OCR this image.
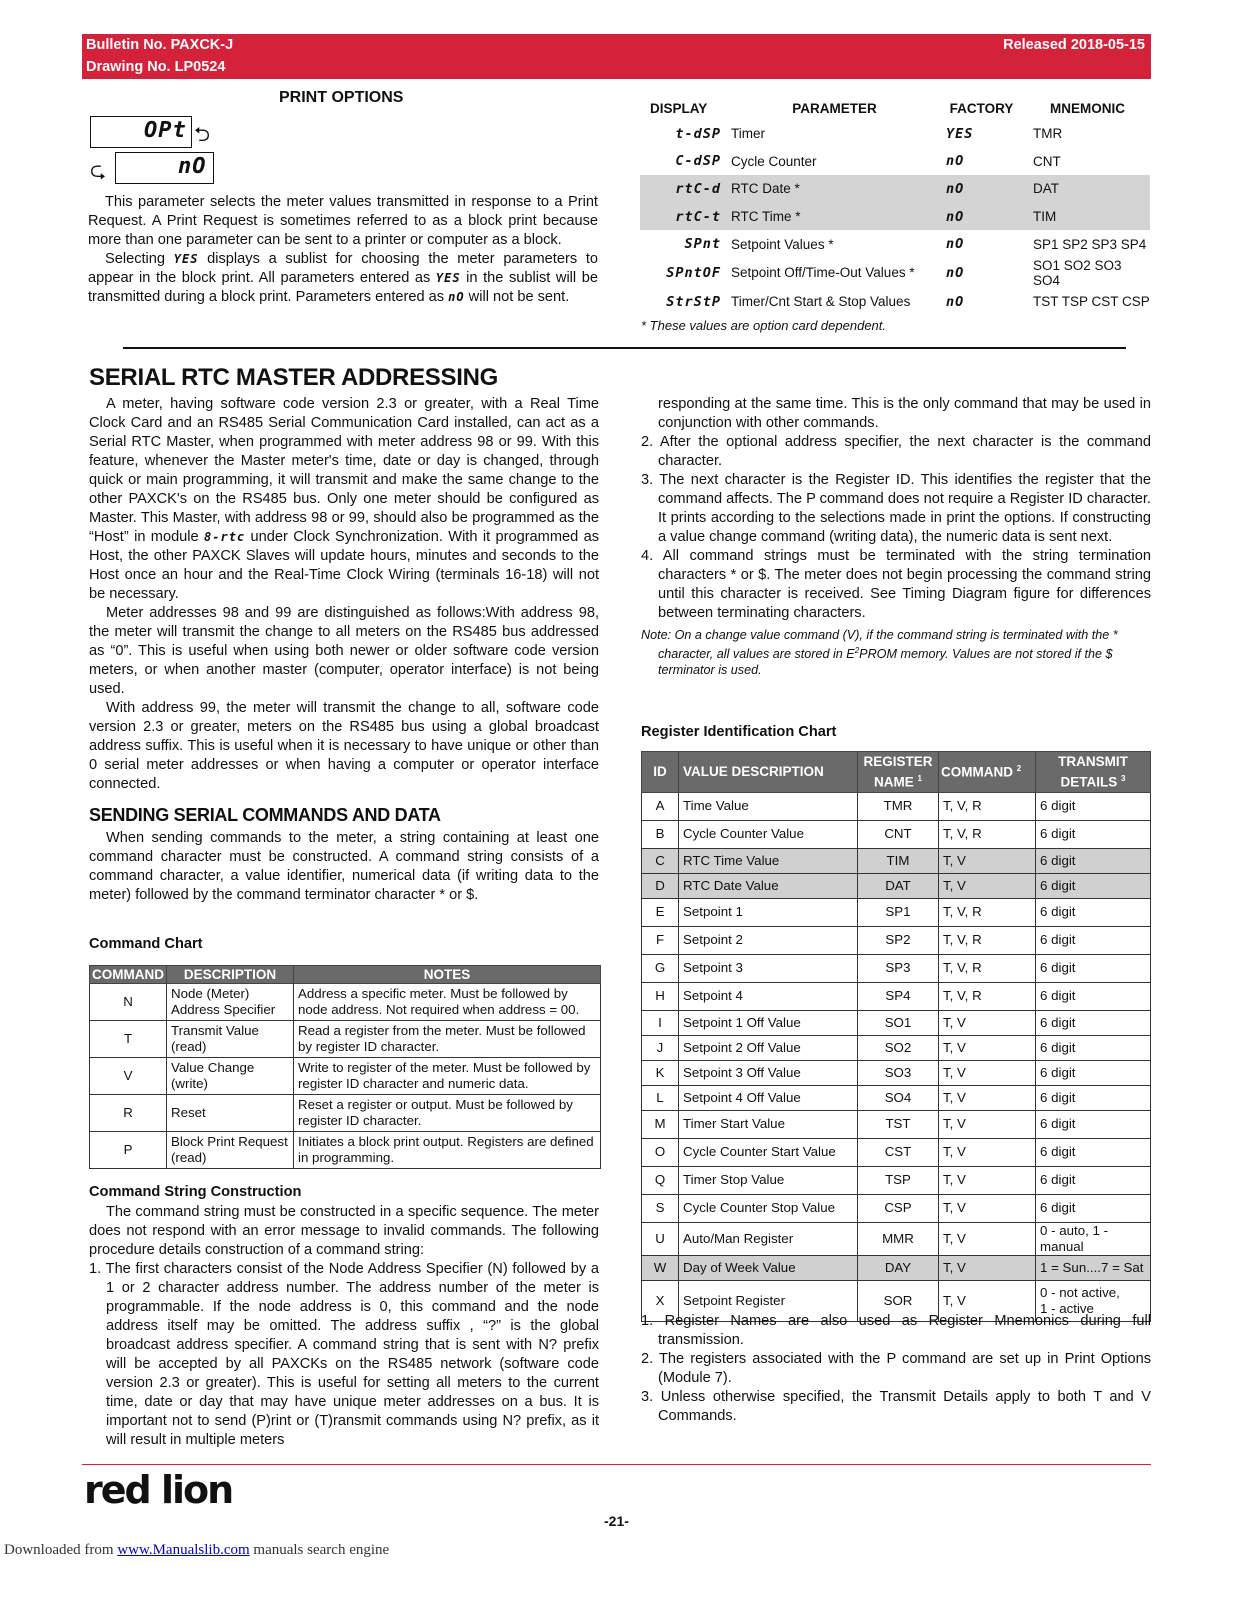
Bulletin No. PAXCK-J
Drawing No. LP0524
Released 2018-05-15
PRINT OPTIONS
OPt ⮌
⮎	nO

This parameter selects the meter values transmitted in response to a Print Request. A Print Request is sometimes referred to as a block print because more than one parameter can be sent to a printer or computer as a block.

Selecting YES displays a sublist for choosing the meter parameters to appear in the block print. All parameters entered as YES in the sublist will be transmitted during a block print. Parameters entered as nO will not be sent.

DISPLAY	PARAMETER	FACTORY	MNEMONIC
t-dSP	Timer	YES	TMR
C-dSP	Cycle Counter	nO	CNT
rtC-d	RTC Date *	nO	DAT
rtC-t	RTC Time *	nO	TIM
SPnt	Setpoint Values *	nO	SP1 SP2 SP3 SP4
SPntOF	Setpoint Off/Time-Out Values *	nO	SO1 SO2 SO3 SO4
StrStP	Timer/Cnt Start & Stop Values	nO	TST TSP CST CSP
* These values are option card dependent.
SERIAL RTC MASTER ADDRESSING

A meter, having software code version 2.3 or greater, with a Real Time Clock Card and an RS485 Serial Communication Card installed, can act as a Serial RTC Master, when programmed with meter address 98 or 99. With this feature, whenever the Master meter's time, date or day is changed, through quick or main programming, it will transmit and make the same change to the other PAXCK's on the RS485 bus. Only one meter should be configured as Master. This Master, with address 98 or 99, should also be programmed as the “Host” in module 8-rtc under Clock Synchronization. With it programmed as Host, the other PAXCK Slaves will update hours, minutes and seconds to the Host once an hour and the Real-Time Clock Wiring (terminals 16-18) will not be necessary.

Meter addresses 98 and 99 are distinguished as follows:With address 98, the meter will transmit the change to all meters on the RS485 bus addressed as “0”. This is useful when using both newer or older software code version meters, or when another master (computer, operator interface) is not being used.

With address 99, the meter will transmit the change to all, software code version 2.3 or greater, meters on the RS485 bus using a global broadcast address suffix. This is useful when it is necessary to have unique or other than 0 serial meter addresses or when having a computer or operator interface connected.

SENDING SERIAL COMMANDS AND DATA

When sending commands to the meter, a string containing at least one command character must be constructed. A command string consists of a command character, a value identifier, numerical data (if writing data to the meter) followed by the command terminator character * or $.

Command Chart
COMMAND	DESCRIPTION	NOTES
N	Node (Meter) Address Specifier	Address a specific meter. Must be followed by node address. Not required when address = 00.
T	Transmit Value (read)	Read a register from the meter. Must be followed by register ID character.
V	Value Change (write)	Write to register of the meter. Must be followed by register ID character and numeric data.
R	Reset	Reset a register or output. Must be followed by register ID character.
P	Block Print Request (read)	Initiates a block print output. Registers are defined in programming.
Command String Construction

The command string must be constructed in a specific sequence. The meter does not respond with an error message to invalid commands. The following procedure details construction of a command string:

1. The first characters consist of the Node Address Specifier (N) followed by a 1 or 2 character address number. The address number of the meter is programmable. If the node address is 0, this command and the node address itself may be omitted. The address suffix , “?” is the global broadcast address specifier. A command string that is sent with N? prefix will be accepted by all PAXCKs on the RS485 network (software code version 2.3 or greater). This is useful for setting all meters to the current time, date or day that may have unique meter addresses on a bus. It is important not to send (P)rint or (T)ransmit commands using N? prefix, as it will result in multiple meters

responding at the same time. This is the only command that may be used in conjunction with other commands.

2. After the optional address specifier, the next character is the command character.
3. The next character is the Register ID. This identifies the register that the command affects. The P command does not require a Register ID character. It prints according to the selections made in print the options. If constructing a value change command (writing data), the numeric data is sent next.
4. All command strings must be terminated with the string termination characters * or $. The meter does not begin processing the command string until this character is received. See Timing Diagram figure for differences between terminating characters.

Note: On a change value command (V), if the command string is terminated with the * character, all values are stored in $E^2PROM$ memory. Values are not stored if the $ terminator is used.

Register Identification Chart
ID	VALUE DESCRIPTION	REGISTER NAME $^1$	COMMAND $^2$	TRANSMIT DETAILS $^3$
A	Time Value	TMR	T, V, R	6 digit
B	Cycle Counter Value	CNT	T, V, R	6 digit
C	RTC Time Value	TIM	T, V	6 digit
D	RTC Date Value	DAT	T, V	6 digit
E	Setpoint 1	SP1	T, V, R	6 digit
F	Setpoint 2	SP2	T, V, R	6 digit
G	Setpoint 3	SP3	T, V, R	6 digit
H	Setpoint 4	SP4	T, V, R	6 digit
I	Setpoint 1 Off Value	SO1	T, V	6 digit
J	Setpoint 2 Off Value	SO2	T, V	6 digit
K	Setpoint 3 Off Value	SO3	T, V	6 digit
L	Setpoint 4 Off Value	SO4	T, V	6 digit
M	Timer Start Value	TST	T, V	6 digit
O	Cycle Counter Start Value	CST	T, V	6 digit
Q	Timer Stop Value	TSP	T, V	6 digit
S	Cycle Counter Stop Value	CSP	T, V	6 digit
U	Auto/Man Register	MMR	T, V	0 - auto, 1 - manual
W	Day of Week Value	DAY	T, V	1 = Sun....7 = Sat
X	Setpoint Register	SOR	T, V	0 - not active,
1 - active
1. Register Names are also used as Register Mnemonics during full transmission.
2. The registers associated with the P command are set up in Print Options (Module 7).
3. Unless otherwise specified, the Transmit Details apply to both T and V Commands.
red lion
-21-
Downloaded from www.Manualslib.com manuals search engine
